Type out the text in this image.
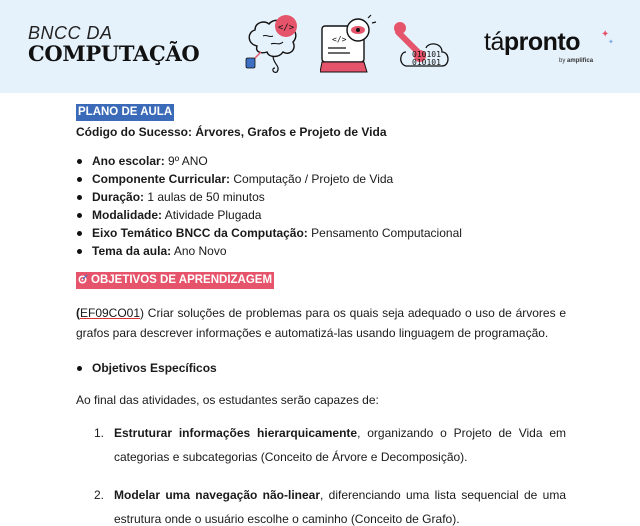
BNCC DA
COMPUTAÇÃO
</>
</>
010101
010101
tápronto ✦
✦
by amplifica
PLANO DE AULA
Código do Sucesso: Árvores, Grafos e Projeto de Vida
Ano escolar: 9º ANO
Componente Curricular: Computação / Projeto de Vida
Duração: 1 aulas de 50 minutos
Modalidade: Atividade Plugada
Eixo Temático BNCC da Computação: Pensamento Computacional
Tema da aula: Ano Novo
OBJETIVOS DE APRENDIZAGEM

(EF09CO01) Criar soluções de problemas para os quais seja adequado o uso de árvores e grafos para descrever informações e automatizá-las usando linguagem de programação.

Objetivos Específicos

Ao final das atividades, os estudantes serão capazes de:

1. Estruturar informações hierarquicamente, organizando o Projeto de Vida em categorias e subcategorias (Conceito de Árvore e Decomposição).
2. Modelar uma navegação não-linear, diferenciando uma lista sequencial de uma estrutura onde o usuário escolhe o caminho (Conceito de Grafo).
